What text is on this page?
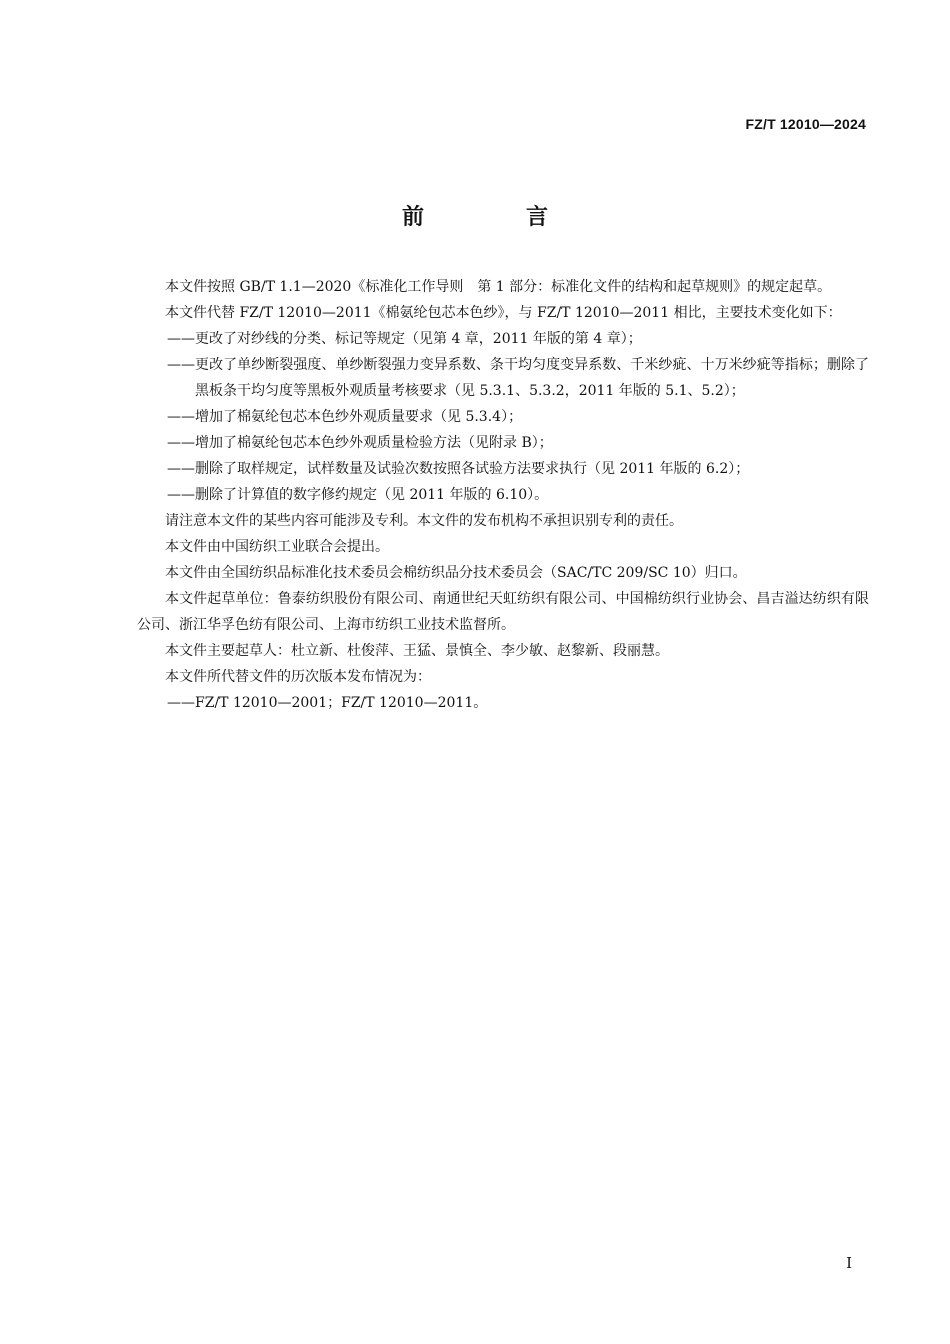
FZ/T 12010—2024
前　言

本文件按照 GB/T 1.1—2020《标准化工作导则　第 1 部分：标准化文件的结构和起草规则》的规定起草。

本文件代替 FZ/T 12010—2011《棉氨纶包芯本色纱》，与 FZ/T 12010—2011 相比，主要技术变化如下：

——更改了对纱线的分类、标记等规定（见第 4 章，2011 年版的第 4 章）；

——更改了单纱断裂强度、单纱断裂强力变异系数、条干均匀度变异系数、千米纱疵、十万米纱疵等指标；删除了黑板条干均匀度等黑板外观质量考核要求（见 5.3.1、5.3.2，2011 年版的 5.1、5.2）；

——增加了棉氨纶包芯本色纱外观质量要求（见 5.3.4）；

——增加了棉氨纶包芯本色纱外观质量检验方法（见附录 B）；

——删除了取样规定，试样数量及试验次数按照各试验方法要求执行（见 2011 年版的 6.2）；

——删除了计算值的数字修约规定（见 2011 年版的 6.10）。

请注意本文件的某些内容可能涉及专利。本文件的发布机构不承担识别专利的责任。

本文件由中国纺织工业联合会提出。

本文件由全国纺织品标准化技术委员会棉纺织品分技术委员会（SAC/TC 209/SC 10）归口。

本文件起草单位：鲁泰纺织股份有限公司、南通世纪天虹纺织有限公司、中国棉纺织行业协会、昌吉溢达纺织有限公司、浙江华孚色纺有限公司、上海市纺织工业技术监督所。

本文件主要起草人：杜立新、杜俊萍、王猛、景慎全、李少敏、赵黎新、段丽慧。

本文件所代替文件的历次版本发布情况为：

——FZ/T 12010—2001；FZ/T 12010—2011。

I
